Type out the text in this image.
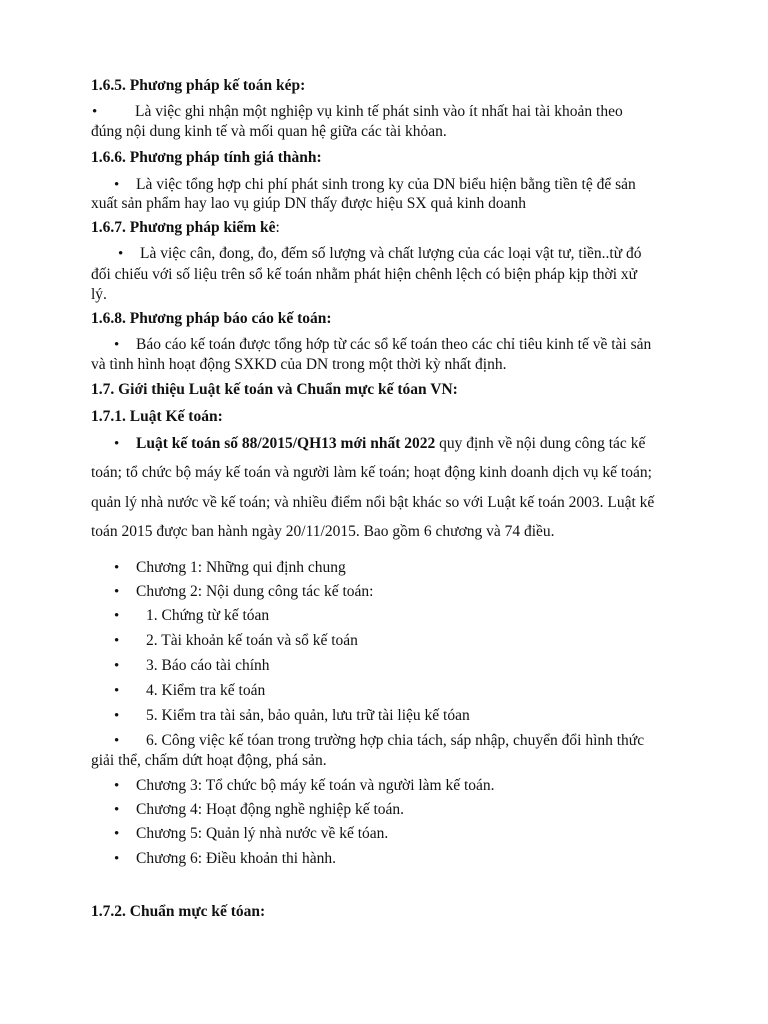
1.6.5. Phương pháp kế toán kép:
• Là việc ghi nhận một nghiệp vụ kinh tế phát sinh vào ít nhất hai tài khoản theo
đúng nội dung kinh tế và mối quan hệ giữa các tài khỏan.
1.6.6. Phương pháp tính giá thành:
• Là việc tổng hợp chi phí phát sinh trong ky của DN biểu hiện bằng tiền tệ để sản
xuất sản phẩm hay lao vụ giúp DN thấy được hiệu SX quả kinh doanh
1.6.7. Phương pháp kiểm kê:
• Là việc cân, đong, đo, đếm số lượng và chất lượng của các loại vật tư, tiền..từ đó
đối chiếu với số liệu trên sổ kế toán nhằm phát hiện chênh lệch có biện pháp kịp thời xử
lý.
1.6.8. Phương pháp báo cáo kế toán:
• Báo cáo kế toán được tổng hớp từ các sổ kế toán theo các chỉ tiêu kinh tế về tài sản
và tình hình hoạt động SXKD của DN trong một thời kỳ nhất định.
1.7. Giới thiệu Luật kế toán và Chuẩn mực kế tóan VN:
1.7.1. Luật Kế toán:
• Luật kế toán số 88/2015/QH13 mới nhất 2022 quy định về nội dung công tác kế
toán; tổ chức bộ máy kế toán và người làm kế toán; hoạt động kinh doanh dịch vụ kế toán;
quản lý nhà nước về kế toán; và nhiều điểm nổi bật khác so với Luật kế toán 2003. Luật kế
toán 2015 được ban hành ngày 20/11/2015. Bao gồm 6 chương và 74 điều.
• Chương 1: Những qui định chung
• Chương 2: Nội dung công tác kế toán:
• 1. Chứng từ kế tóan
• 2. Tài khoản kế toán và sổ kế toán
• 3. Báo cáo tài chính
• 4. Kiểm tra kế toán
• 5. Kiểm tra tài sản, bảo quản, lưu trữ tài liệu kế tóan
• 6. Công việc kế tóan trong trường hợp chia tách, sáp nhập, chuyển đổi hình thức
giải thể, chấm dứt hoạt động, phá sản.
• Chương 3: Tổ chức bộ máy kế toán và người làm kế toán.
• Chương 4: Hoạt động nghề nghiệp kế toán.
• Chương 5: Quản lý nhà nước về kế tóan.
• Chương 6: Điều khoản thi hành.
1.7.2. Chuẩn mực kế tóan:
